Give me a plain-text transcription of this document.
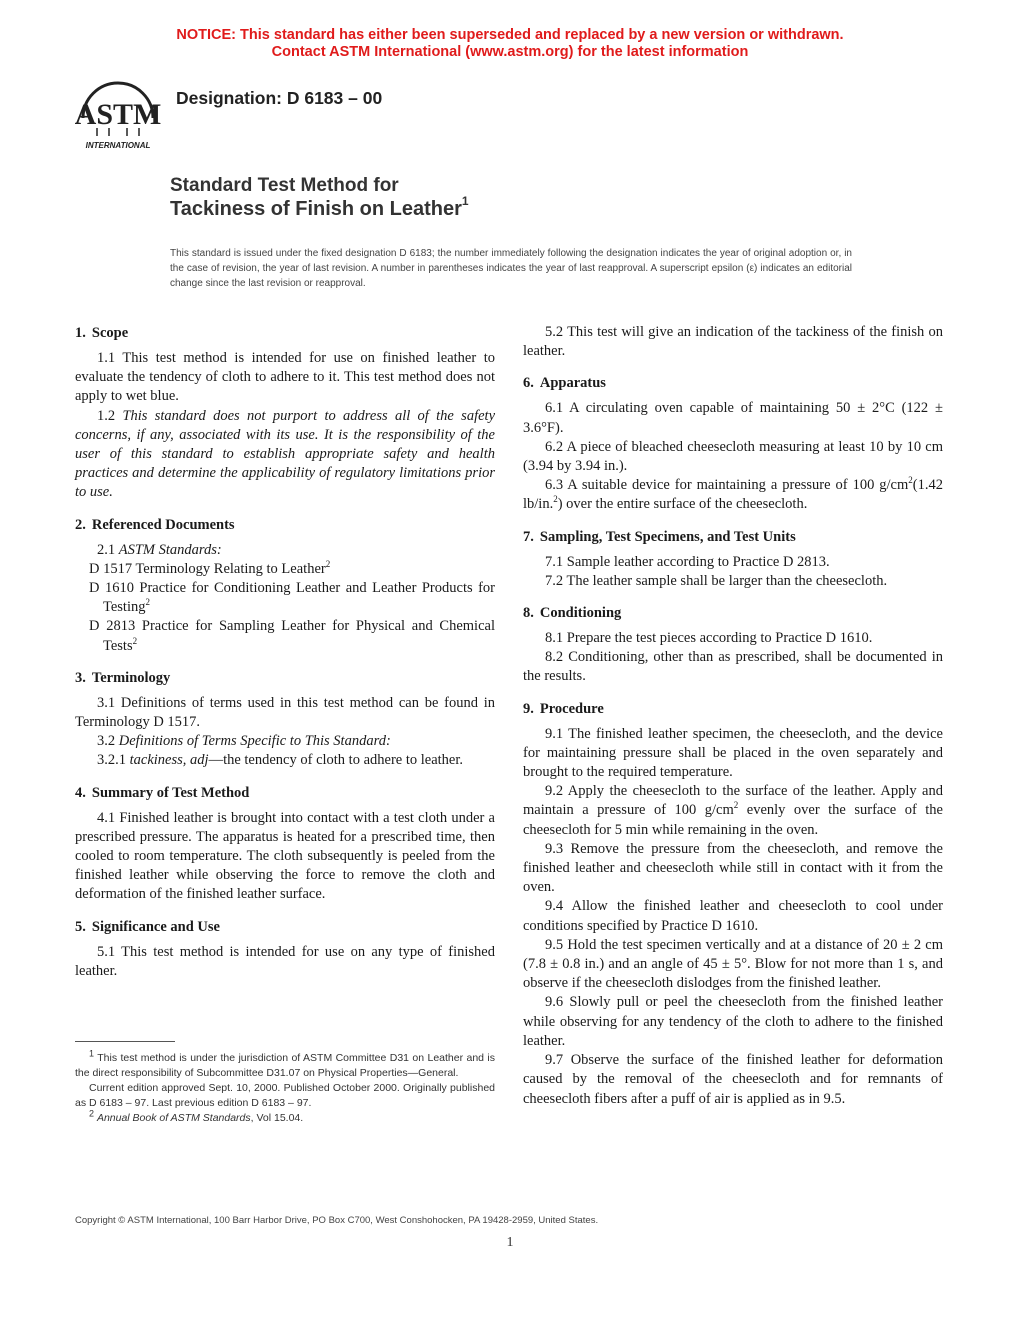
NOTICE: This standard has either been superseded and replaced by a new version or withdrawn.
Contact ASTM International (www.astm.org) for the latest information
ASTM
INTERNATIONAL
Designation: D 6183 – 00
Standard Test Method for
Tackiness of Finish on Leather$^1$
This standard is issued under the fixed designation D 6183; the number immediately following the designation indicates the year of original adoption or, in the case of revision, the year of last revision. A number in parentheses indicates the year of last reapproval. A superscript epsilon (ε) indicates an editorial change since the last revision or reapproval.
1. Scope

1.1 This test method is intended for use on finished leather to evaluate the tendency of cloth to adhere to it. This test method does not apply to wet blue.

1.2 This standard does not purport to address all of the safety concerns, if any, associated with its use. It is the responsibility of the user of this standard to establish appropriate safety and health practices and determine the applicability of regulatory limitations prior to use.

2. Referenced Documents

2.1 ASTM Standards:

D 1517 Terminology Relating to Leather$^2$

D 1610 Practice for Conditioning Leather and Leather Products for Testing$^2$

D 2813 Practice for Sampling Leather for Physical and Chemical Tests$^2$

3. Terminology

3.1 Definitions of terms used in this test method can be found in Terminology D 1517.

3.2 Definitions of Terms Specific to This Standard:

3.2.1 tackiness, adj—the tendency of cloth to adhere to leather.

4. Summary of Test Method

4.1 Finished leather is brought into contact with a test cloth under a prescribed pressure. The apparatus is heated for a prescribed time, then cooled to room temperature. The cloth subsequently is peeled from the finished leather while observing the force to remove the cloth and deformation of the finished leather surface.

5. Significance and Use

5.1 This test method is intended for use on any type of finished leather.

5.2 This test will give an indication of the tackiness of the finish on leather.

6. Apparatus

6.1 A circulating oven capable of maintaining 50 ± 2°C (122 ± 3.6°F).

6.2 A piece of bleached cheesecloth measuring at least 10 by 10 cm (3.94 by 3.94 in.).

6.3 A suitable device for maintaining a pressure of 100 $g/cm^2(1.42$ lb/in.$^2$) over the entire surface of the cheesecloth.

7. Sampling, Test Specimens, and Test Units

7.1 Sample leather according to Practice D 2813.

7.2 The leather sample shall be larger than the cheesecloth.

8. Conditioning

8.1 Prepare the test pieces according to Practice D 1610.

8.2 Conditioning, other than as prescribed, shall be documented in the results.

9. Procedure

9.1 The finished leather specimen, the cheesecloth, and the device for maintaining pressure shall be placed in the oven separately and brought to the required temperature.

9.2 Apply the cheesecloth to the surface of the leather. Apply and maintain a pressure of 100 $g/cm^2$ evenly over the surface of the cheesecloth for 5 min while remaining in the oven.

9.3 Remove the pressure from the cheesecloth, and remove the finished leather and cheesecloth while still in contact with it from the oven.

9.4 Allow the finished leather and cheesecloth to cool under conditions specified by Practice D 1610.

9.5 Hold the test specimen vertically and at a distance of 20 ± 2 cm (7.8 ± 0.8 in.) and an angle of 45 ± 5°. Blow for not more than 1 s, and observe if the cheesecloth dislodges from the finished leather.

9.6 Slowly pull or peel the cheesecloth from the finished leather while observing for any tendency of the cloth to adhere to the finished leather.

9.7 Observe the surface of the finished leather for deformation caused by the removal of the cheesecloth and for remnants of cheesecloth fibers after a puff of air is applied as in 9.5.

$^1$ This test method is under the jurisdiction of ASTM Committee D31 on Leather and is the direct responsibility of Subcommittee D31.07 on Physical Properties—General.

Current edition approved Sept. 10, 2000. Published October 2000. Originally published as D 6183 – 97. Last previous edition D 6183 – 97.

$^2$ Annual Book of ASTM Standards, Vol 15.04.

Copyright © ASTM International, 100 Barr Harbor Drive, PO Box C700, West Conshohocken, PA 19428-2959, United States.
1
